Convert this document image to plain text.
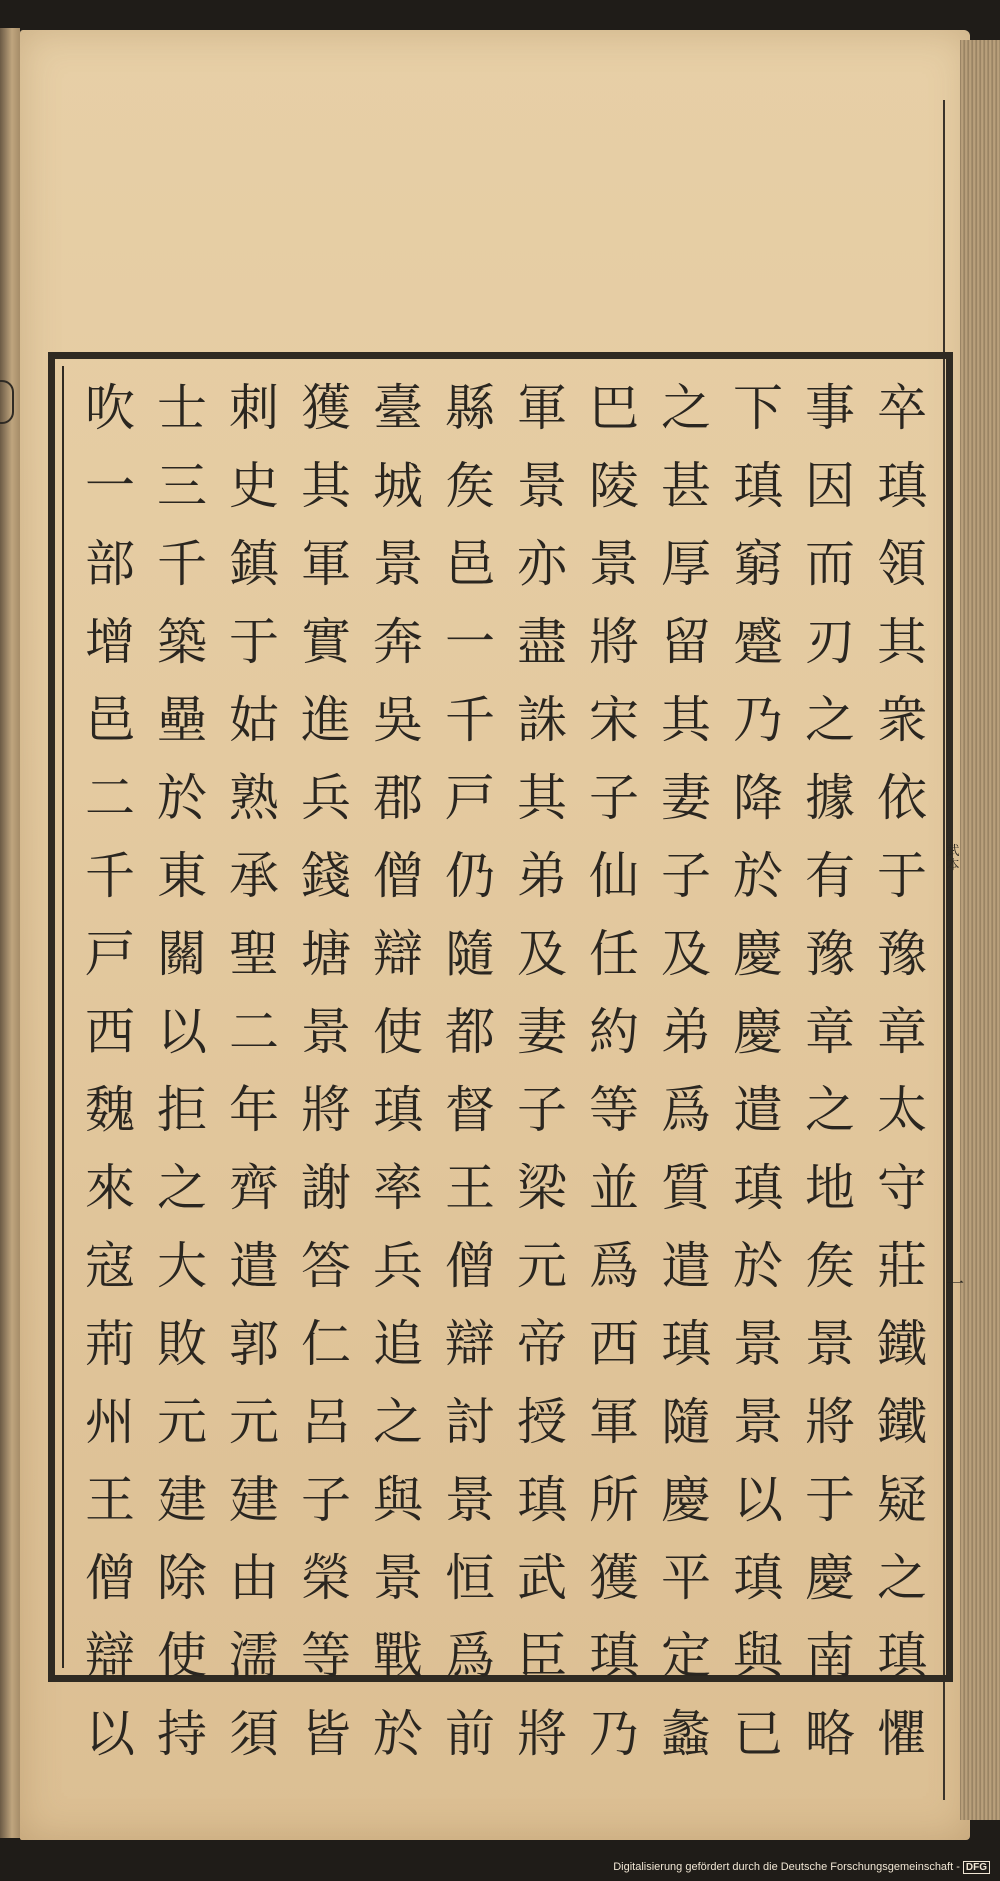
卒
瑱
領
其
衆
依
于
豫
章
太
守
莊
鐵
鐵
疑
之
瑱
懼
事
因
而
刃
之
據
有
豫
章
之
地
矦
景
將
于
慶
南
略
下
瑱
窮
蹙
乃
降
於
慶
慶
遣
瑱
於
景
景
以
瑱
與
已
之
甚
厚
留
其
妻
子
及
弟
爲
質
遣
瑱
隨
慶
平
定
蠡
巴
陵
景
將
宋
子
仙
任
約
等
並
爲
西
軍
所
獲
瑱
乃
軍
景
亦
盡
誅
其
弟
及
妻
子
梁
元
帝
授
瑱
武
臣
將
縣
矦
邑
一
千
戸
仍
隨
都
督
王
僧
辯
討
景
恒
爲
前
臺
城
景
奔
吳
郡
僧
辯
使
瑱
率
兵
追
之
與
景
戰
於
獲
其
軍
實
進
兵
錢
塘
景
將
謝
答
仁
呂
子
榮
等
皆
刺
史
鎮
于
姑
熟
承
聖
二
年
齊
遣
郭
元
建
由
濡
須
士
三
千
築
壘
於
東
關
以
拒
之
大
敗
元
建
除
使
持
吹
一
部
增
邑
二
千
戸
西
魏
來
寇
荊
州
王
僧
辯
以
武本
一
Digitalisierung gefördert durch die Deutsche Forschungsgemeinschaft - DFG
